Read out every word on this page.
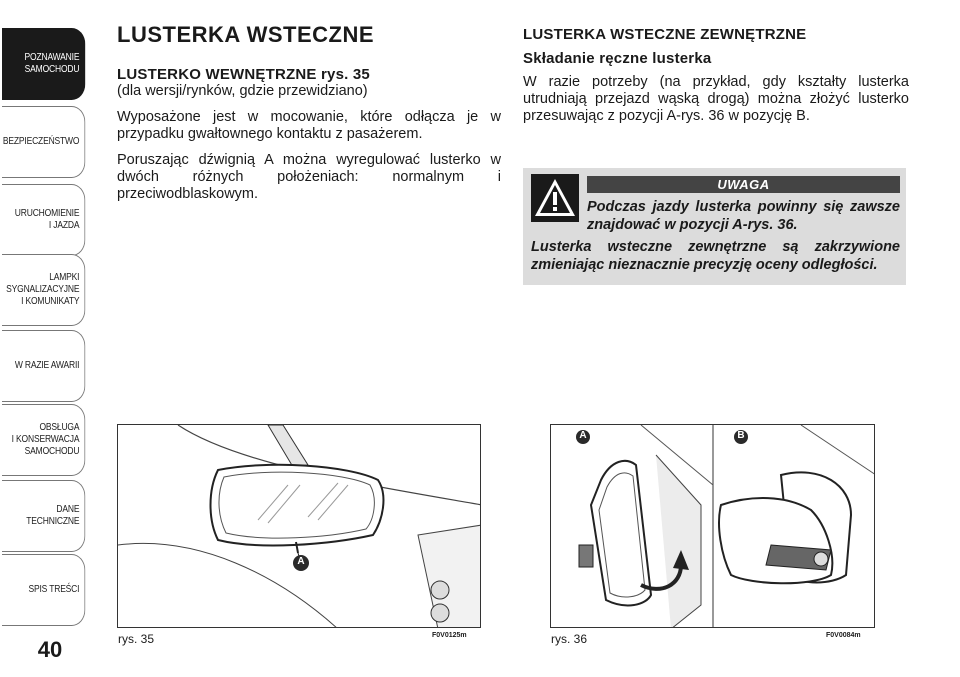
POZNAWANIE
SAMOCHODU
BEZPIECZEŃSTWO
URUCHOMIENIE
I JAZDA
LAMPKI
SYGNALIZACYJNE
I KOMUNIKATY
W RAZIE AWARII
OBSŁUGA
I KONSERWACJA
SAMOCHODU
DANE
TECHNICZNE
SPIS TREŚCI
40
LUSTERKA WSTECZNE
LUSTERKO WEWNĘTRZNE rys. 35

(dla wersji/rynków, gdzie przewidziano)

Wyposażone jest w mocowanie, które odłącza je w przypadku gwałtownego kontaktu z pasażerem.

Poruszając dźwignią A można wyregulować lusterko w dwóch różnych położeniach: normalnym i przeciwodblaskowym.

LUSTERKA WSTECZNE ZEWNĘTRZNE
Składanie ręczne lusterka

W razie potrzeby (na przykład, gdy kształty lusterka utrudniają przejazd wąską drogą) można złożyć lusterko przesuwając z pozycji A-rys. 36 w pozycję B.

UWAGA
Podczas jazdy lusterka powinny się zawsze znajdować w pozycji A-rys. 36.
Lusterka wsteczne zewnętrzne są zakrzywione zmieniając nieznacznie precyzję oceny odległości.
A
rys. 35	F0V0125m
A	B
rys. 36	F0V0084m
